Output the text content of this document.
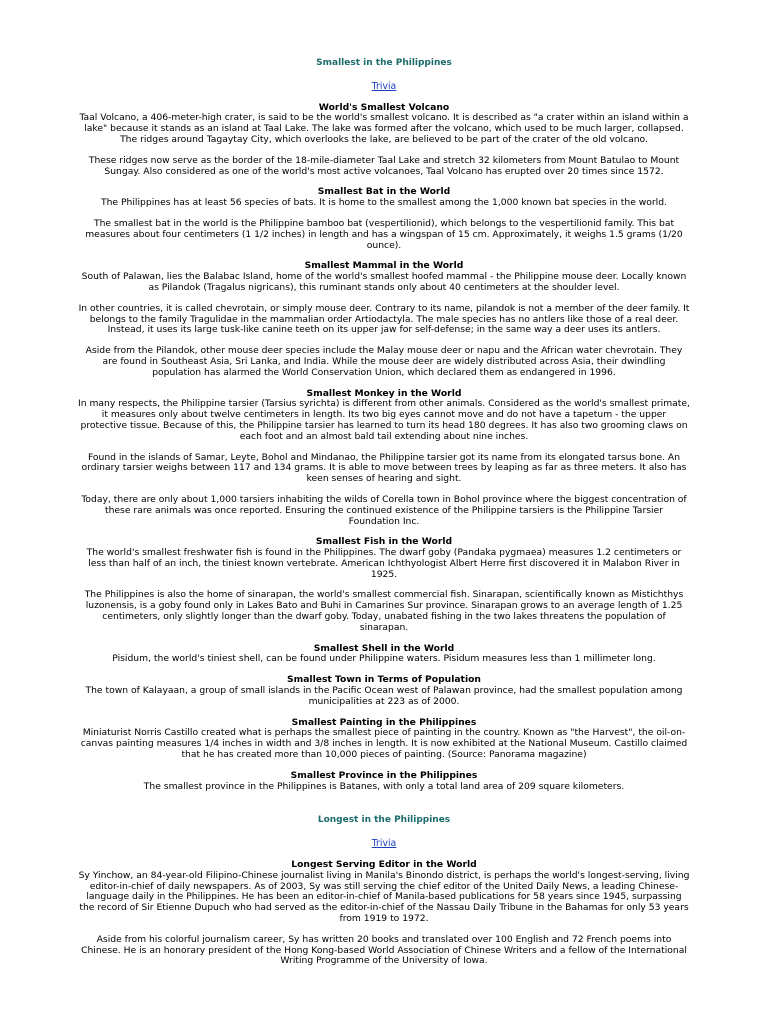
Smallest in the Philippines
Trivia
World's Smallest Volcano
Taal Volcano, a 406-meter-high crater, is said to be the world's smallest volcano. It is described as "a crater within an island within a lake" because it stands as an island at Taal Lake. The lake was formed after the volcano, which used to be much larger, collapsed. The ridges around Tagaytay City, which overlooks the lake, are believed to be part of the crater of the old volcano.
These ridges now serve as the border of the 18-mile-diameter Taal Lake and stretch 32 kilometers from Mount Batulao to Mount Sungay. Also considered as one of the world's most active volcanoes, Taal Volcano has erupted over 20 times since 1572.
Smallest Bat in the World
The Philippines has at least 56 species of bats. It is home to the smallest among the 1,000 known bat species in the world.
The smallest bat in the world is the Philippine bamboo bat (vespertilionid), which belongs to the vespertilionid family. This bat measures about four centimeters (1 1/2 inches) in length and has a wingspan of 15 cm. Approximately, it weighs 1.5 grams (1/20 ounce).
Smallest Mammal in the World
South of Palawan, lies the Balabac Island, home of the world's smallest hoofed mammal - the Philippine mouse deer. Locally known as Pilandok (Tragalus nigricans), this ruminant stands only about 40 centimeters at the shoulder level.
In other countries, it is called chevrotain, or simply mouse deer. Contrary to its name, pilandok is not a member of the deer family. It belongs to the family Tragulidae in the mammalian order Artiodactyla. The male species has no antlers like those of a real deer. Instead, it uses its large tusk-like canine teeth on its upper jaw for self-defense; in the same way a deer uses its antlers.
Aside from the Pilandok, other mouse deer species include the Malay mouse deer or napu and the African water chevrotain. They are found in Southeast Asia, Sri Lanka, and India. While the mouse deer are widely distributed across Asia, their dwindling population has alarmed the World Conservation Union, which declared them as endangered in 1996.
Smallest Monkey in the World
In many respects, the Philippine tarsier (Tarsius syrichta) is different from other animals. Considered as the world's smallest primate, it measures only about twelve centimeters in length. Its two big eyes cannot move and do not have a tapetum - the upper protective tissue. Because of this, the Philippine tarsier has learned to turn its head 180 degrees. It has also two grooming claws on each foot and an almost bald tail extending about nine inches.
Found in the islands of Samar, Leyte, Bohol and Mindanao, the Philippine tarsier got its name from its elongated tarsus bone. An ordinary tarsier weighs between 117 and 134 grams. It is able to move between trees by leaping as far as three meters. It also has keen senses of hearing and sight.
Today, there are only about 1,000 tarsiers inhabiting the wilds of Corella town in Bohol province where the biggest concentration of these rare animals was once reported. Ensuring the continued existence of the Philippine tarsiers is the Philippine Tarsier Foundation Inc.
Smallest Fish in the World
The world's smallest freshwater fish is found in the Philippines. The dwarf goby (Pandaka pygmaea) measures 1.2 centimeters or less than half of an inch, the tiniest known vertebrate. American Ichthyologist Albert Herre first discovered it in Malabon River in 1925.
The Philippines is also the home of sinarapan, the world's smallest commercial fish. Sinarapan, scientifically known as Mistichthys luzonensis, is a goby found only in Lakes Bato and Buhi in Camarines Sur province. Sinarapan grows to an average length of 1.25 centimeters, only slightly longer than the dwarf goby. Today, unabated fishing in the two lakes threatens the population of sinarapan.
Smallest Shell in the World
Pisidum, the world's tiniest shell, can be found under Philippine waters. Pisidum measures less than 1 millimeter long.
Smallest Town in Terms of Population
The town of Kalayaan, a group of small islands in the Pacific Ocean west of Palawan province, had the smallest population among municipalities at 223 as of 2000.
Smallest Painting in the Philippines
Miniaturist Norris Castillo created what is perhaps the smallest piece of painting in the country. Known as "the Harvest", the oil-on-canvas painting measures 1/4 inches in width and 3/8 inches in length. It is now exhibited at the National Museum. Castillo claimed that he has created more than 10,000 pieces of painting. (Source: Panorama magazine)
Smallest Province in the Philippines
The smallest province in the Philippines is Batanes, with only a total land area of 209 square kilometers.
Longest in the Philippines
Trivia
Longest Serving Editor in the World
Sy Yinchow, an 84-year-old Filipino-Chinese journalist living in Manila's Binondo district, is perhaps the world's longest-serving, living editor-in-chief of daily newspapers. As of 2003, Sy was still serving the chief editor of the United Daily News, a leading Chinese-language daily in the Philippines. He has been an editor-in-chief of Manila-based publications for 58 years since 1945, surpassing the record of Sir Etienne Dupuch who had served as the editor-in-chief of the Nassau Daily Tribune in the Bahamas for only 53 years from 1919 to 1972.
Aside from his colorful journalism career, Sy has written 20 books and translated over 100 English and 72 French poems into Chinese. He is an honorary president of the Hong Kong-based World Association of Chinese Writers and a fellow of the International Writing Programme of the University of Iowa.
